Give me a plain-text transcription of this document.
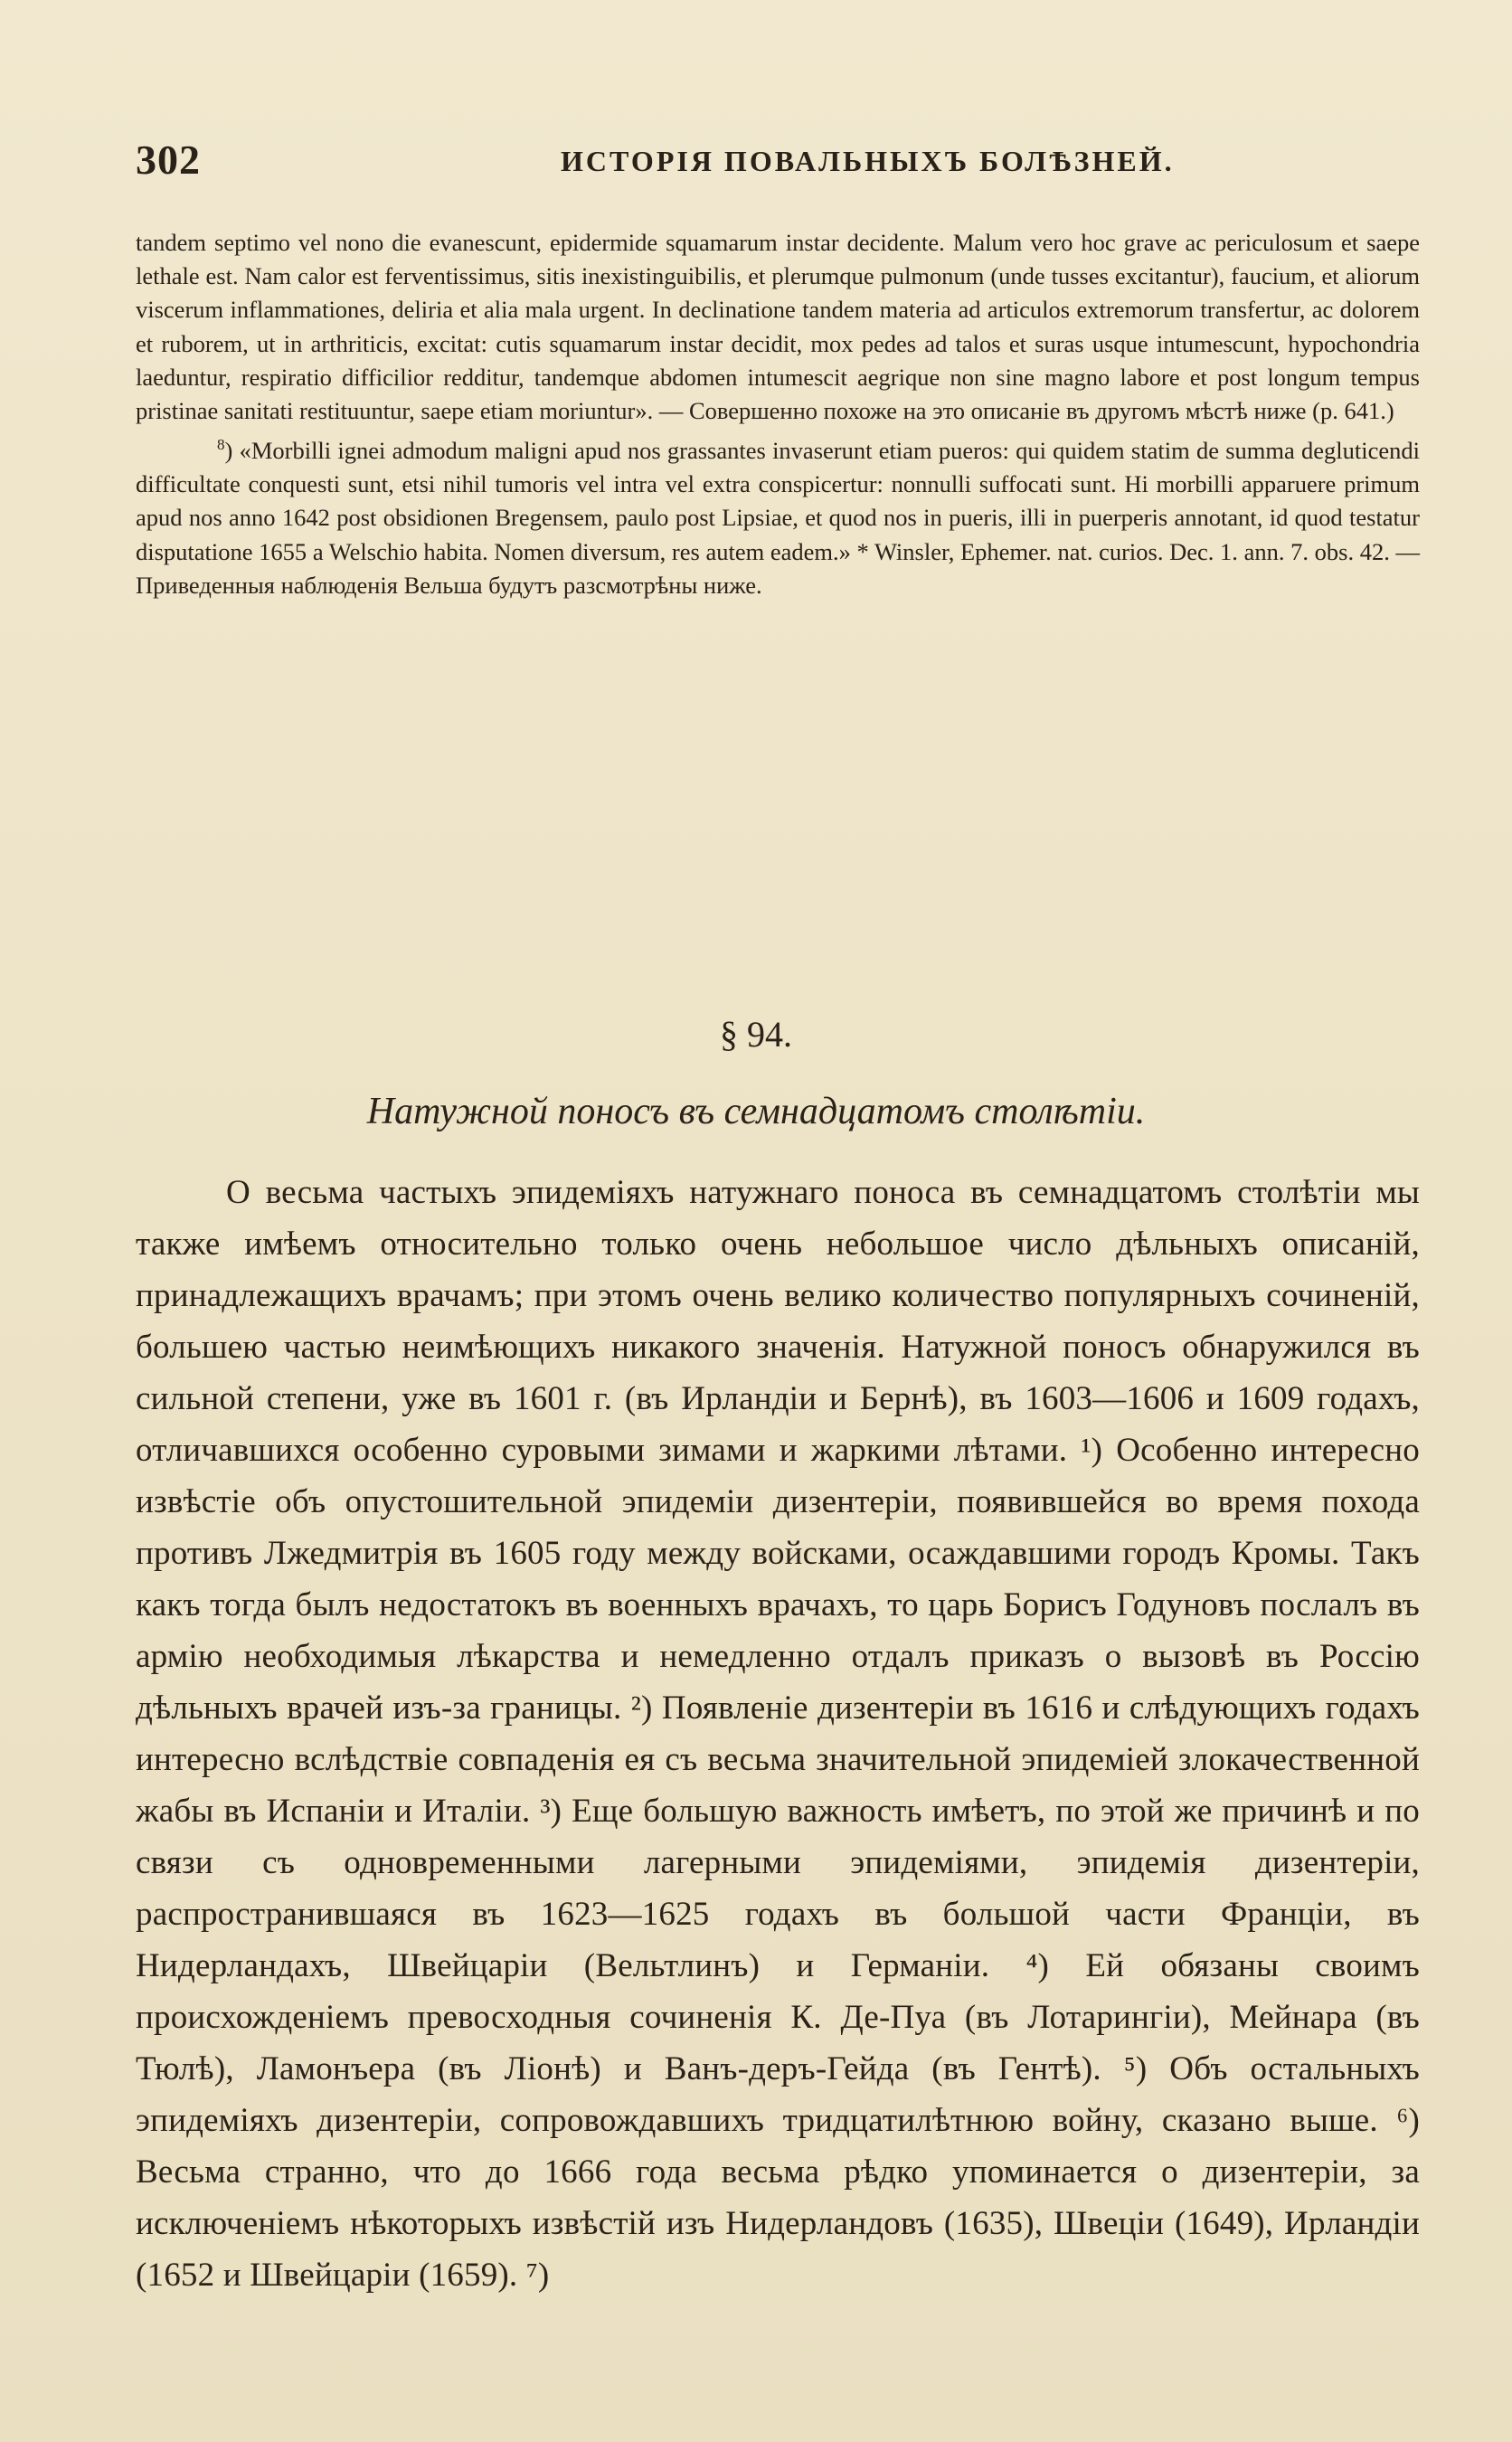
302	ИСТОРІЯ ПОВАЛЬНЫХЪ БОЛѢЗНЕЙ.

tandem septimo vel nono die evanescunt, epidermide squamarum instar decidente. Malum vero hoc grave ac periculosum et saepe lethale est. Nam calor est ferventissimus, sitis inexistinguibilis, et plerumque pulmonum (unde tusses excitantur), faucium, et aliorum viscerum inflammationes, deliria et alia mala urgent. In declinatione tandem materia ad articulos extremorum transfertur, ac dolorem et ruborem, ut in arthriticis, excitat: cutis squamarum instar decidit, mox pedes ad talos et suras usque intumescunt, hypochondria laeduntur, respiratio difficilior redditur, tandemque abdomen intumescit aegrique non sine magno labore et post longum tempus pristinae sanitati restituuntur, saepe etiam moriuntur». — Совершенно похоже на это описаніе въ другомъ мѣстѣ ниже (р. 641.)

$^8$) «Morbilli ignei admodum maligni apud nos grassantes invaserunt etiam pueros: qui quidem statim de summa degluticendi difficultate conquesti sunt, etsi nihil tumoris vel intra vel extra conspicertur: nonnulli suffocati sunt. Hi morbilli apparuere primum apud nos anno 1642 post obsidionen Bregensem, paulo post Lipsiae, et quod nos in pueris, illi in puerperis annotant, id quod testatur disputatione 1655 a Welschio habita. Nomen diversum, res autem eadem.» * Winsler, Ephemer. nat. curios. Dec. 1. ann. 7. obs. 42. — Приведенныя наблюденія Вельша будутъ разсмотрѣны ниже.

§ 94.
Натужной поносъ въ семнадцатомъ столѣтіи.

О весьма частыхъ эпидеміяхъ натужнаго поноса въ семнадцатомъ столѣтіи мы также имѣемъ относительно только очень небольшое число дѣльныхъ описаній, принадлежащихъ врачамъ; при этомъ очень велико количество популярныхъ сочиненій, большею частью неимѣющихъ никакого значенія. Натужной поносъ обнаружился въ сильной степени, уже въ 1601 г. (въ Ирландіи и Бернѣ), въ 1603—1606 и 1609 годахъ, отличавшихся особенно суровыми зимами и жаркими лѣтами. ¹) Особенно интересно извѣстіе объ опустошительной эпидеміи дизентеріи, появившейся во время похода противъ Лжедмитрія въ 1605 году между войсками, осаждавшими городъ Кромы. Такъ какъ тогда былъ недостатокъ въ военныхъ врачахъ, то царь Борисъ Годуновъ послалъ въ армію необходимыя лѣкарства и немедленно отдалъ приказъ о вызовѣ въ Россію дѣльныхъ врачей изъ-за границы. ²) Появленіе дизентеріи въ 1616 и слѣдующихъ годахъ интересно вслѣдствіе совпаденія ея съ весьма значительной эпидеміей злокачественной жабы въ Испаніи и Италіи. ³) Еще большую важность имѣетъ, по этой же причинѣ и по связи съ одновременными лагерными эпидеміями, эпидемія дизентеріи, распространившаяся въ 1623—1625 годахъ въ большой части Франціи, въ Нидерландахъ, Швейцаріи (Вельтлинъ) и Германіи. ⁴) Ей обязаны своимъ происхожденіемъ превосходныя сочиненія К. Де-Пуа (въ Лотарингіи), Мейнара (въ Тюлѣ), Ламонъера (въ Ліонѣ) и Ванъ-деръ-Гейда (въ Гентѣ). ⁵) Объ остальныхъ эпидеміяхъ дизентеріи, сопровождавшихъ тридцатилѣтнюю войну, сказано выше. ⁶) Весьма странно, что до 1666 года весьма рѣдко упоминается о дизентеріи, за исключеніемъ нѣкоторыхъ извѣстій изъ Нидерландовъ (1635), Швеціи (1649), Ирландіи (1652 и Швейцаріи (1659). ⁷)
